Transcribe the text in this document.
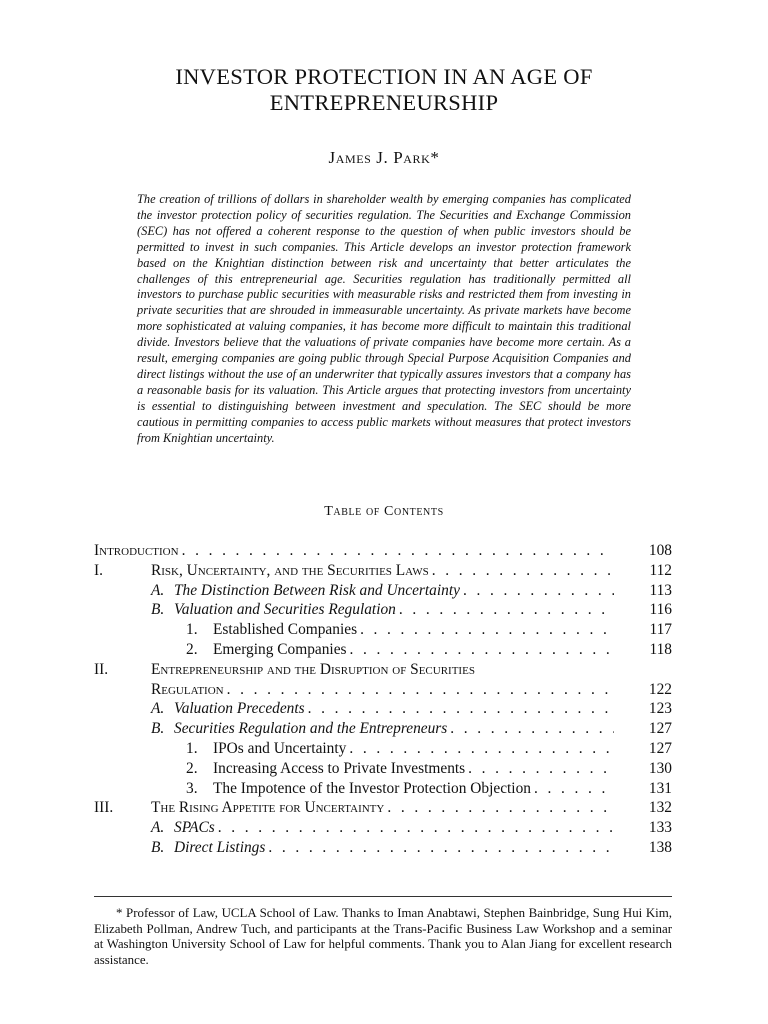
INVESTOR PROTECTION IN AN AGE OF
ENTREPRENEURSHIP
James J. Park*

The creation of trillions of dollars in shareholder wealth by emerging companies has complicated the investor protection policy of securities regulation. The Securities and Exchange Commission (SEC) has not offered a coherent response to the question of when public investors should be permitted to invest in such companies. This Article develops an investor protection framework based on the Knightian distinction between risk and uncertainty that better articulates the challenges of this entrepreneurial age. Securities regulation has traditionally permitted all investors to purchase public securities with measurable risks and restricted them from investing in private securities that are shrouded in immeasurable uncertainty. As private markets have become more sophisticated at valuing companies, it has become more difficult to maintain this traditional divide. Investors believe that the valuations of private companies have become more certain. As a result, emerging companies are going public through Special Purpose Acquisition Companies and direct listings without the use of an underwriter that typically assures investors that a company has a reasonable basis for its valuation. This Article argues that protecting investors from uncertainty is essential to distinguishing between investment and speculation. The SEC should be more cautious in permitting companies to access public markets without measures that protect investors from Knightian uncertainty.

Table of Contents
Introduction . . .	108
I.	Risk, Uncertainty, and the Securities Laws . . .	112
A. The Distinction Between Risk and Uncertainty . . .	113
B. Valuation and Securities Regulation . . .	116
1. Established Companies . . .	117
2. Emerging Companies . . .	118
II.	Entrepreneurship and the Disruption of Securities
Regulation . . .	122
A. Valuation Precedents . . .	123
B. Securities Regulation and the Entrepreneurs . . .	127
1. IPOs and Uncertainty . . .	127
2. Increasing Access to Private Investments . . .	130
3. The Impotence of the Investor Protection Objection . . .	131
III. The Rising Appetite for Uncertainty . . .	132
A. SPACs . . .	133
B. Direct Listings . . .	138

* Professor of Law, UCLA School of Law. Thanks to Iman Anabtawi, Stephen Bainbridge, Sung Hui Kim, Elizabeth Pollman, Andrew Tuch, and participants at the Trans-Pacific Business Law Workshop and a seminar at Washington University School of Law for helpful comments. Thank you to Alan Jiang for excellent research assistance.
